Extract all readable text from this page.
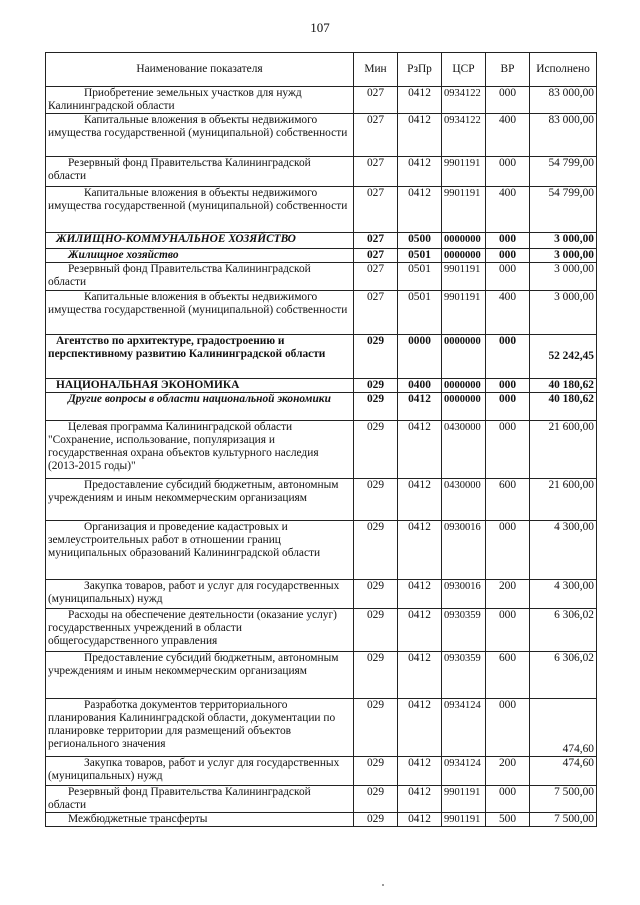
107
Наименование показателя	Мин	РзПр	ЦСР	ВР	Исполнено
Приобретение земельных участков для нужд Калининградской области	027	0412	0934122	000	83 000,00
Капитальные вложения в объекты недвижимого имущества государственной (муниципальной) собственности	027	0412	0934122	400	83 000,00
Резервный фонд Правительства Калининградской области	027	0412	9901191	000	54 799,00
Капитальные вложения в объекты недвижимого имущества государственной (муниципальной) собственности	027	0412	9901191	400	54 799,00
ЖИЛИЩНО-КОММУНАЛЬНОЕ ХОЗЯЙСТВО	027	0500	0000000	000	3 000,00
Жилищное хозяйство	027	0501	0000000	000	3 000,00
Резервный фонд Правительства Калининградской области	027	0501	9901191	000	3 000,00
Капитальные вложения в объекты недвижимого имущества государственной (муниципальной) собственности	027	0501	9901191	400	3 000,00
Агентство по архитектуре, градостроению и перспективному развитию Калининградской области	029	0000	0000000	000	52 242,45
НАЦИОНАЛЬНАЯ ЭКОНОМИКА	029	0400	0000000	000	40 180,62
Другие вопросы в области национальной экономики	029	0412	0000000	000	40 180,62
Целевая программа Калининградской области "Сохранение, использование, популяризация и государственная охрана объектов культурного наследия (2013-2015 годы)"	029	0412	0430000	000	21 600,00
Предоставление субсидий бюджетным, автономным учреждениям и иным некоммерческим организациям	029	0412	0430000	600	21 600,00
Организация и проведение кадастровых и землеустроительных работ в отношении границ муниципальных образований Калининградской области	029	0412	0930016	000	4 300,00
Закупка товаров, работ и услуг для государственных (муниципальных) нужд	029	0412	0930016	200	4 300,00
Расходы на обеспечение деятельности (оказание услуг) государственных учреждений в области общегосударственного управления	029	0412	0930359	000	6 306,02
Предоставление субсидий бюджетным, автономным учреждениям и иным некоммерческим организациям	029	0412	0930359	600	6 306,02
Разработка документов территориального планирования Калининградской области, документации по планировке территории для размещений объектов регионального значения	029	0412	0934124	000	474,60
Закупка товаров, работ и услуг для государственных (муниципальных) нужд	029	0412	0934124	200	474,60
Резервный фонд Правительства Калининградской области	029	0412	9901191	000	7 500,00
Межбюджетные трансферты	029	0412	9901191	500	7 500,00
